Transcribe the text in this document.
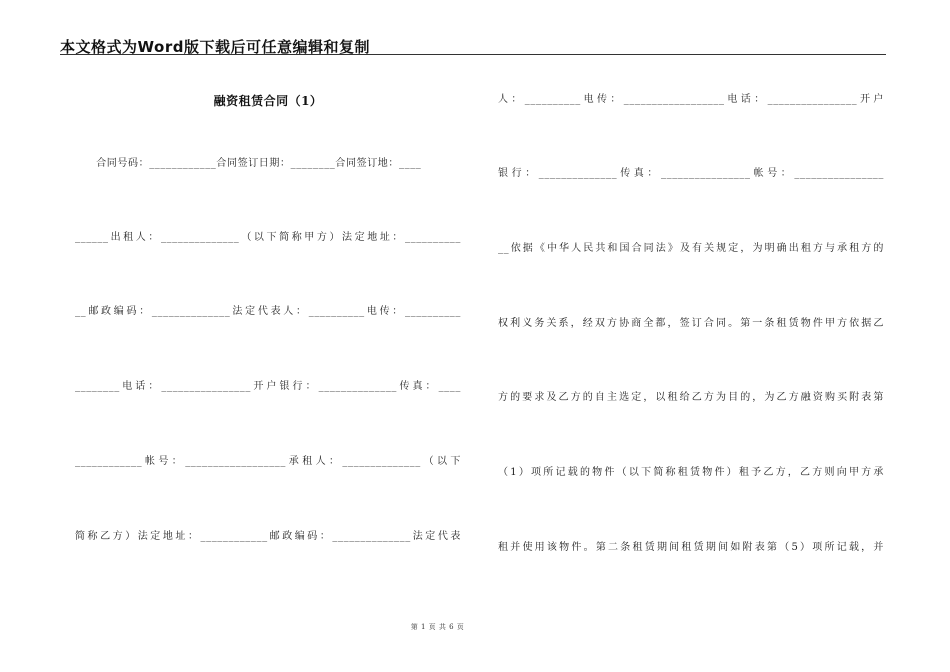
本文格式为Word版下载后可任意编辑和复制
融资租赁合同（1）
　　合同号码：____________合同签订日期：________合同签订地：____
______出租人：______________（以下简称甲方）法定地址：__________
__邮政编码：______________法定代表人：__________电传：__________
________电话：________________开户银行：______________传真：____
____________帐号：__________________承租人：______________（以下
简称乙方）法定地址：____________邮政编码：______________法定代表
人：__________电传：__________________电话：________________开户
银行：______________传真：________________帐号：________________
__依据《中华人民共和国合同法》及有关规定，为明确出租方与承租方的
权利义务关系，经双方协商全都，签订合同。第一条租赁物件甲方依据乙
方的要求及乙方的自主选定，以租给乙方为目的，为乙方融资购买附表第
（1）项所记载的物件（以下简称租赁物件）租予乙方，乙方则向甲方承
租并使用该物件。第二条租赁期间租赁期间如附表第（5）项所记载，并
第 1 页 共 6 页
